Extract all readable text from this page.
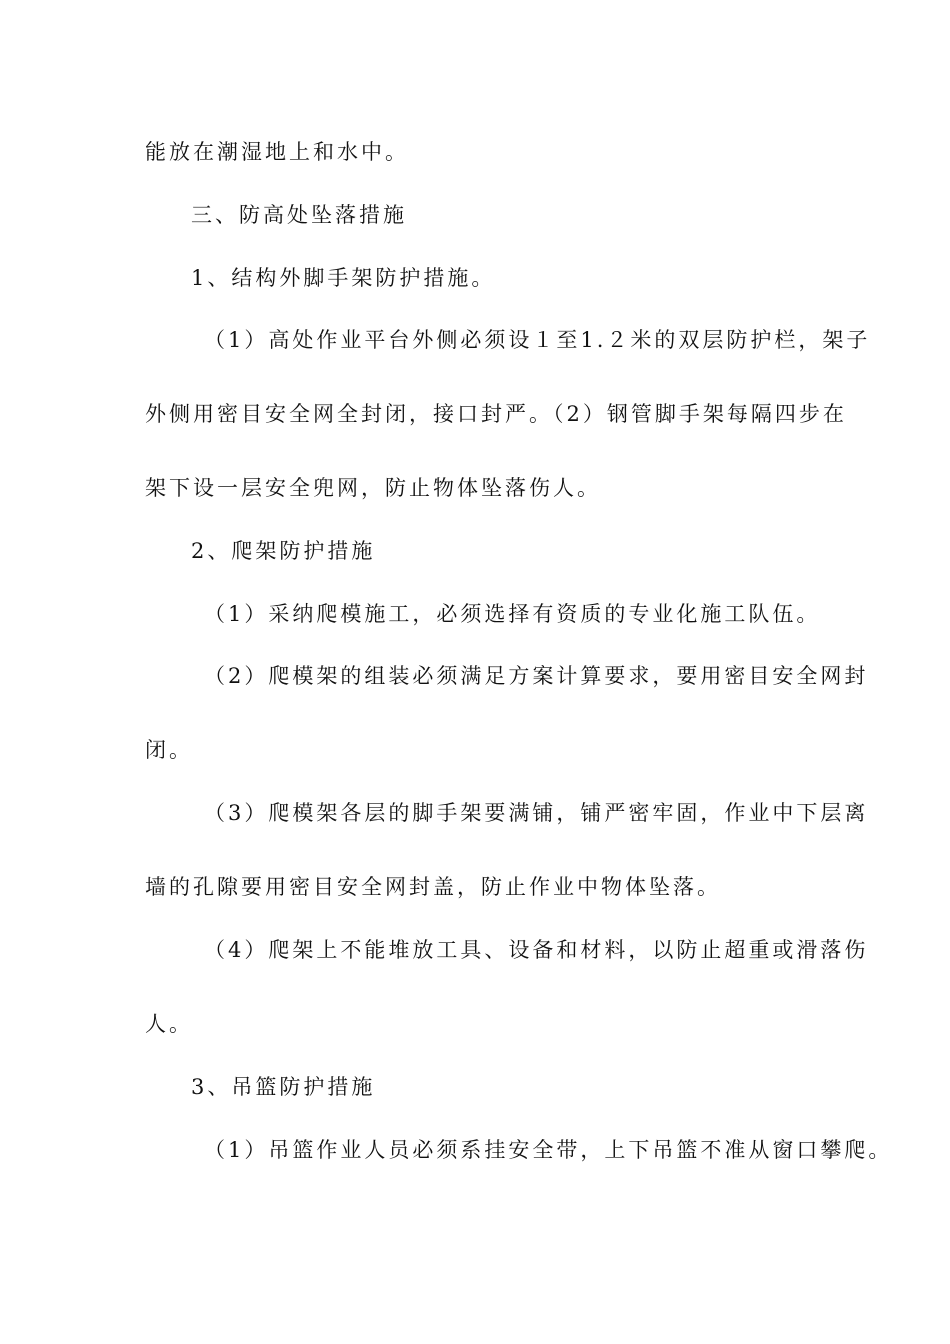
能放在潮湿地上和水中。
三、防高处坠落措施
1、结构外脚手架防护措施。
（1）高处作业平台外侧必须设１至1.２米的双层防护栏，架子
外侧用密目安全网全封闭，接口封严。（2）钢管脚手架每隔四步在
架下设一层安全兜网，防止物体坠落伤人。
2、爬架防护措施
（1）采纳爬模施工，必须选择有资质的专业化施工队伍。
（2）爬模架的组装必须满足方案计算要求，要用密目安全网封
闭。
（3）爬模架各层的脚手架要满铺，铺严密牢固，作业中下层离
墙的孔隙要用密目安全网封盖，防止作业中物体坠落。
（4）爬架上不能堆放工具、设备和材料，以防止超重或滑落伤
人。
3、吊篮防护措施
（1）吊篮作业人员必须系挂安全带，上下吊篮不准从窗口攀爬。
